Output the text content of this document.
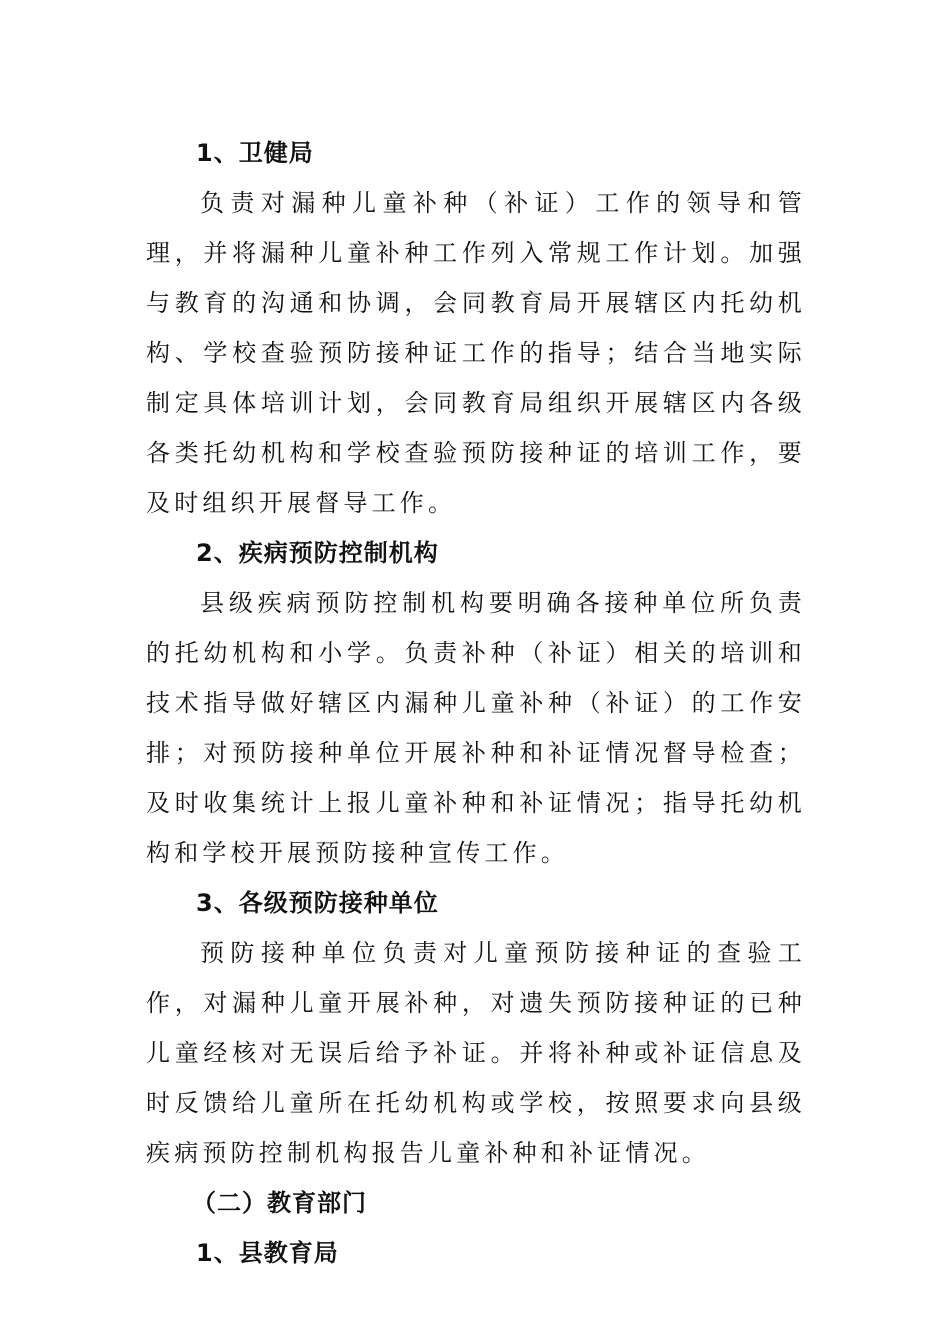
1、卫健局

负责对漏种儿童补种（补证）工作的领导和管理，并将漏种儿童补种工作列入常规工作计划。加强与教育的沟通和协调，会同教育局开展辖区内托幼机构、学校查验预防接种证工作的指导；结合当地实际制定具体培训计划，会同教育局组织开展辖区内各级各类托幼机构和学校查验预防接种证的培训工作，要及时组织开展督导工作。

2、疾病预防控制机构

县级疾病预防控制机构要明确各接种单位所负责的托幼机构和小学。负责补种（补证）相关的培训和技术指导做好辖区内漏种儿童补种（补证）的工作安排；对预防接种单位开展补种和补证情况督导检查；及时收集统计上报儿童补种和补证情况；指导托幼机构和学校开展预防接种宣传工作。

3、各级预防接种单位

预防接种单位负责对儿童预防接种证的查验工作，对漏种儿童开展补种，对遗失预防接种证的已种儿童经核对无误后给予补证。并将补种或补证信息及时反馈给儿童所在托幼机构或学校，按照要求向县级疾病预防控制机构报告儿童补种和补证情况。

（二）教育部门
1、县教育局
